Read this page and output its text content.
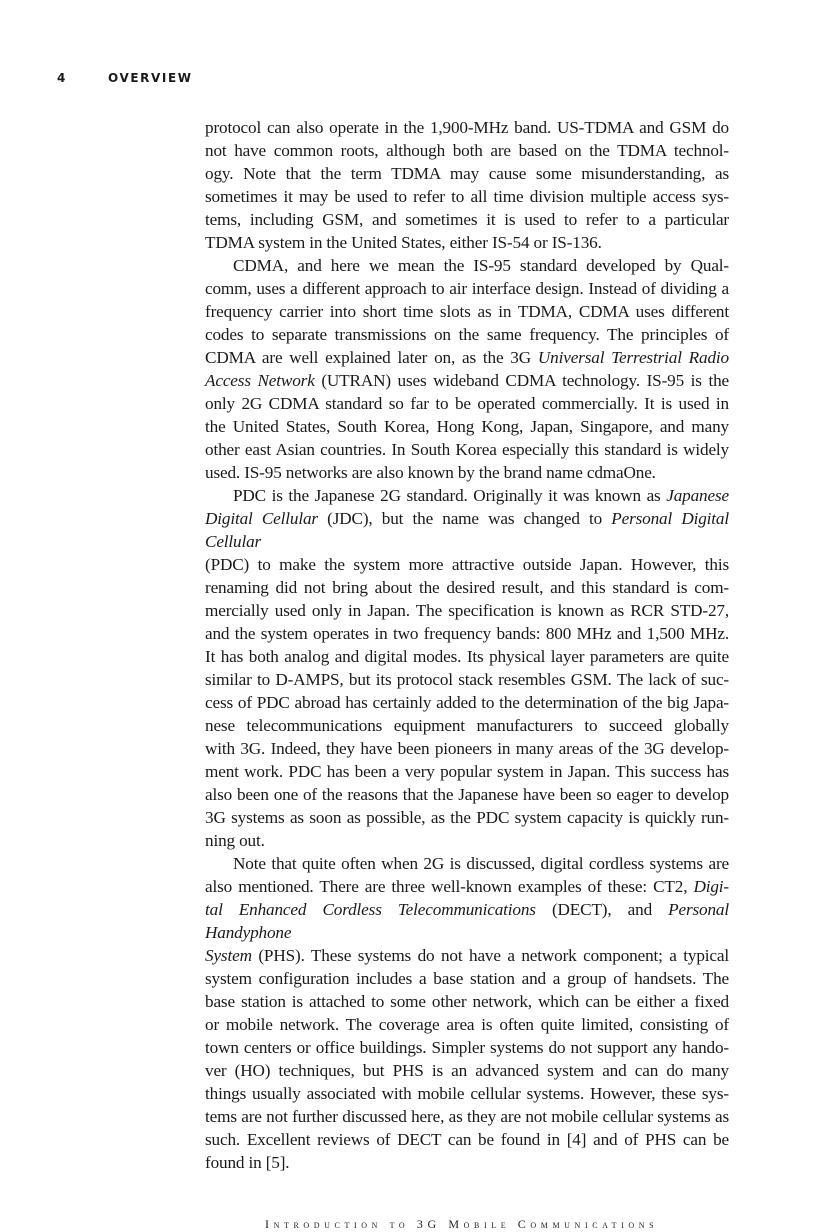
4	OVERVIEW
protocol can also operate in the 1,900-MHz band. US-TDMA and GSM do
not have common roots, although both are based on the TDMA technol-
ogy. Note that the term TDMA may cause some misunderstanding, as
sometimes it may be used to refer to all time division multiple access sys-
tems, including GSM, and sometimes it is used to refer to a particular
TDMA system in the United States, either IS-54 or IS-136.
CDMA, and here we mean the IS-95 standard developed by Qual-
comm, uses a different approach to air interface design. Instead of dividing a
frequency carrier into short time slots as in TDMA, CDMA uses different
codes to separate transmissions on the same frequency. The principles of
CDMA are well explained later on, as the 3G Universal Terrestrial Radio
Access Network (UTRAN) uses wideband CDMA technology. IS-95 is the
only 2G CDMA standard so far to be operated commercially. It is used in
the United States, South Korea, Hong Kong, Japan, Singapore, and many
other east Asian countries. In South Korea especially this standard is widely
used. IS-95 networks are also known by the brand name cdmaOne.
PDC is the Japanese 2G standard. Originally it was known as Japanese
Digital Cellular (JDC), but the name was changed to Personal Digital Cellular
(PDC) to make the system more attractive outside Japan. However, this
renaming did not bring about the desired result, and this standard is com-
mercially used only in Japan. The specification is known as RCR STD-27,
and the system operates in two frequency bands: 800 MHz and 1,500 MHz.
It has both analog and digital modes. Its physical layer parameters are quite
similar to D-AMPS, but its protocol stack resembles GSM. The lack of suc-
cess of PDC abroad has certainly added to the determination of the big Japa-
nese telecommunications equipment manufacturers to succeed globally
with 3G. Indeed, they have been pioneers in many areas of the 3G develop-
ment work. PDC has been a very popular system in Japan. This success has
also been one of the reasons that the Japanese have been so eager to develop
3G systems as soon as possible, as the PDC system capacity is quickly run-
ning out.
Note that quite often when 2G is discussed, digital cordless systems are
also mentioned. There are three well-known examples of these: CT2, Digi-
tal Enhanced Cordless Telecommunications (DECT), and Personal Handyphone
System (PHS). These systems do not have a network component; a typical
system configuration includes a base station and a group of handsets. The
base station is attached to some other network, which can be either a fixed
or mobile network. The coverage area is often quite limited, consisting of
town centers or office buildings. Simpler systems do not support any hando-
ver (HO) techniques, but PHS is an advanced system and can do many
things usually associated with mobile cellular systems. However, these sys-
tems are not further discussed here, as they are not mobile cellular systems as
such. Excellent reviews of DECT can be found in [4] and of PHS can be
found in [5].
Introduction to 3G Mobile Communications
